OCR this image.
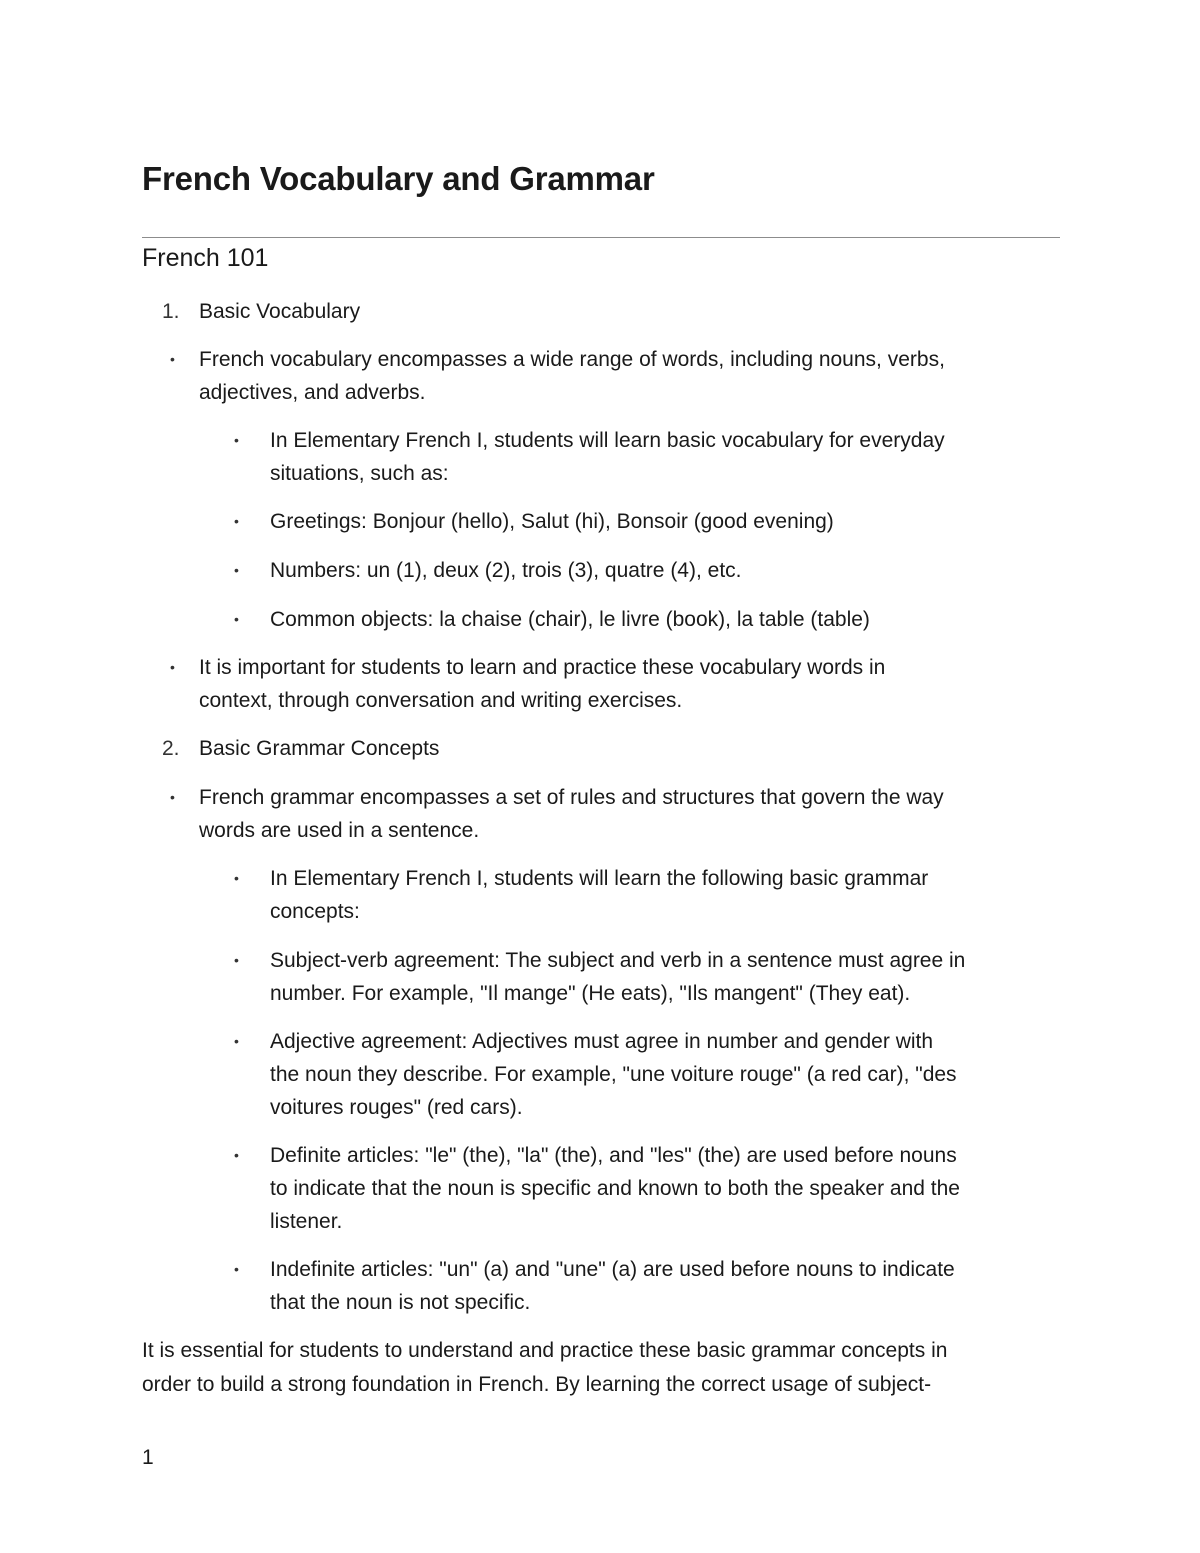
French Vocabulary and Grammar
French 101
1. Basic Vocabulary

• French vocabulary encompasses a wide range of words, including nouns, verbs,

adjectives, and adverbs.

• In Elementary French I, students will learn basic vocabulary for everyday

situations, such as:

• Greetings: Bonjour (hello), Salut (hi), Bonsoir (good evening)

• Numbers: un (1), deux (2), trois (3), quatre (4), etc.

• Common objects: la chaise (chair), le livre (book), la table (table)

• It is important for students to learn and practice these vocabulary words in

context, through conversation and writing exercises.

2. Basic Grammar Concepts

• French grammar encompasses a set of rules and structures that govern the way

words are used in a sentence.

• In Elementary French I, students will learn the following basic grammar

concepts:

• Subject-verb agreement: The subject and verb in a sentence must agree in

number. For example, "Il mange" (He eats), "Ils mangent" (They eat).

• Adjective agreement: Adjectives must agree in number and gender with

the noun they describe. For example, "une voiture rouge" (a red car), "des

voitures rouges" (red cars).

• Definite articles: "le" (the), "la" (the), and "les" (the) are used before nouns

to indicate that the noun is specific and known to both the speaker and the

listener.

• Indefinite articles: "un" (a) and "une" (a) are used before nouns to indicate

that the noun is not specific.

It is essential for students to understand and practice these basic grammar concepts in

order to build a strong foundation in French. By learning the correct usage of subject-

1
